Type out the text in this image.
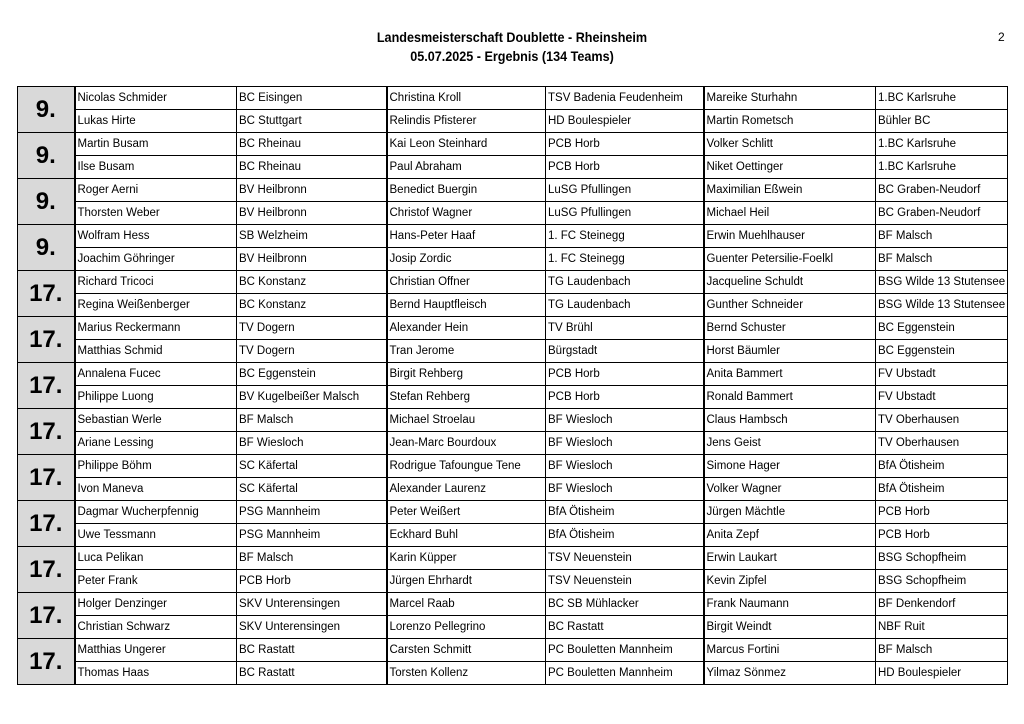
Landesmeisterschaft Doublette - Rheinsheim
05.07.2025 - Ergebnis (134 Teams)
2
9.	Nicolas Schmider	BC Eisingen	Christina Kroll	TSV Badenia Feudenheim	Mareike Sturhahn	1.BC Karlsruhe
	Lukas Hirte	BC Stuttgart	Relindis Pfisterer	HD Boulespieler	Martin Rometsch	Bühler BC
9.	Martin Busam	BC Rheinau	Kai Leon Steinhard	PCB Horb	Volker Schlitt	1.BC Karlsruhe
	Ilse Busam	BC Rheinau	Paul Abraham	PCB Horb	Niket Oettinger	1.BC Karlsruhe
9.	Roger Aerni	BV Heilbronn	Benedict Buergin	LuSG Pfullingen	Maximilian Eßwein	BC Graben-Neudorf
	Thorsten Weber	BV Heilbronn	Christof Wagner	LuSG Pfullingen	Michael Heil	BC Graben-Neudorf
9.	Wolfram Hess	SB Welzheim	Hans-Peter Haaf	1. FC Steinegg	Erwin Muehlhauser	BF Malsch
	Joachim Göhringer	BV Heilbronn	Josip Zordic	1. FC Steinegg	Guenter Petersilie-Foelkl	BF Malsch
17.	Richard Tricoci	BC Konstanz	Christian Offner	TG Laudenbach	Jacqueline Schuldt	BSG Wilde 13 Stutensee
	Regina Weißenberger	BC Konstanz	Bernd Hauptfleisch	TG Laudenbach	Gunther Schneider	BSG Wilde 13 Stutensee
17.	Marius Reckermann	TV Dogern	Alexander Hein	TV Brühl	Bernd Schuster	BC Eggenstein
	Matthias Schmid	TV Dogern	Tran Jerome	Bürgstadt	Horst Bäumler	BC Eggenstein
17.	Annalena Fucec	BC Eggenstein	Birgit Rehberg	PCB Horb	Anita Bammert	FV Ubstadt
	Philippe Luong	BV Kugelbeißer Malsch	Stefan Rehberg	PCB Horb	Ronald Bammert	FV Ubstadt
17.	Sebastian Werle	BF Malsch	Michael Stroelau	BF Wiesloch	Claus Hambsch	TV Oberhausen
	Ariane Lessing	BF Wiesloch	Jean-Marc Bourdoux	BF Wiesloch	Jens Geist	TV Oberhausen
17.	Philippe Böhm	SC Käfertal	Rodrigue Tafoungue Tene	BF Wiesloch	Simone Hager	BfA Ötisheim
	Ivon Maneva	SC Käfertal	Alexander Laurenz	BF Wiesloch	Volker Wagner	BfA Ötisheim
17.	Dagmar Wucherpfennig	PSG Mannheim	Peter Weißert	BfA Ötisheim	Jürgen Mächtle	PCB Horb
	Uwe Tessmann	PSG Mannheim	Eckhard Buhl	BfA Ötisheim	Anita Zepf	PCB Horb
17.	Luca Pelikan	BF Malsch	Karin Küpper	TSV Neuenstein	Erwin Laukart	BSG Schopfheim
	Peter Frank	PCB Horb	Jürgen Ehrhardt	TSV Neuenstein	Kevin Zipfel	BSG Schopfheim
17.	Holger Denzinger	SKV Unterensingen	Marcel Raab	BC SB Mühlacker	Frank Naumann	BF Denkendorf
	Christian Schwarz	SKV Unterensingen	Lorenzo Pellegrino	BC Rastatt	Birgit Weindt	NBF Ruit
17.	Matthias Ungerer	BC Rastatt	Carsten Schmitt	PC Bouletten Mannheim	Marcus Fortini	BF Malsch
	Thomas Haas	BC Rastatt	Torsten Kollenz	PC Bouletten Mannheim	Yilmaz Sönmez	HD Boulespieler
